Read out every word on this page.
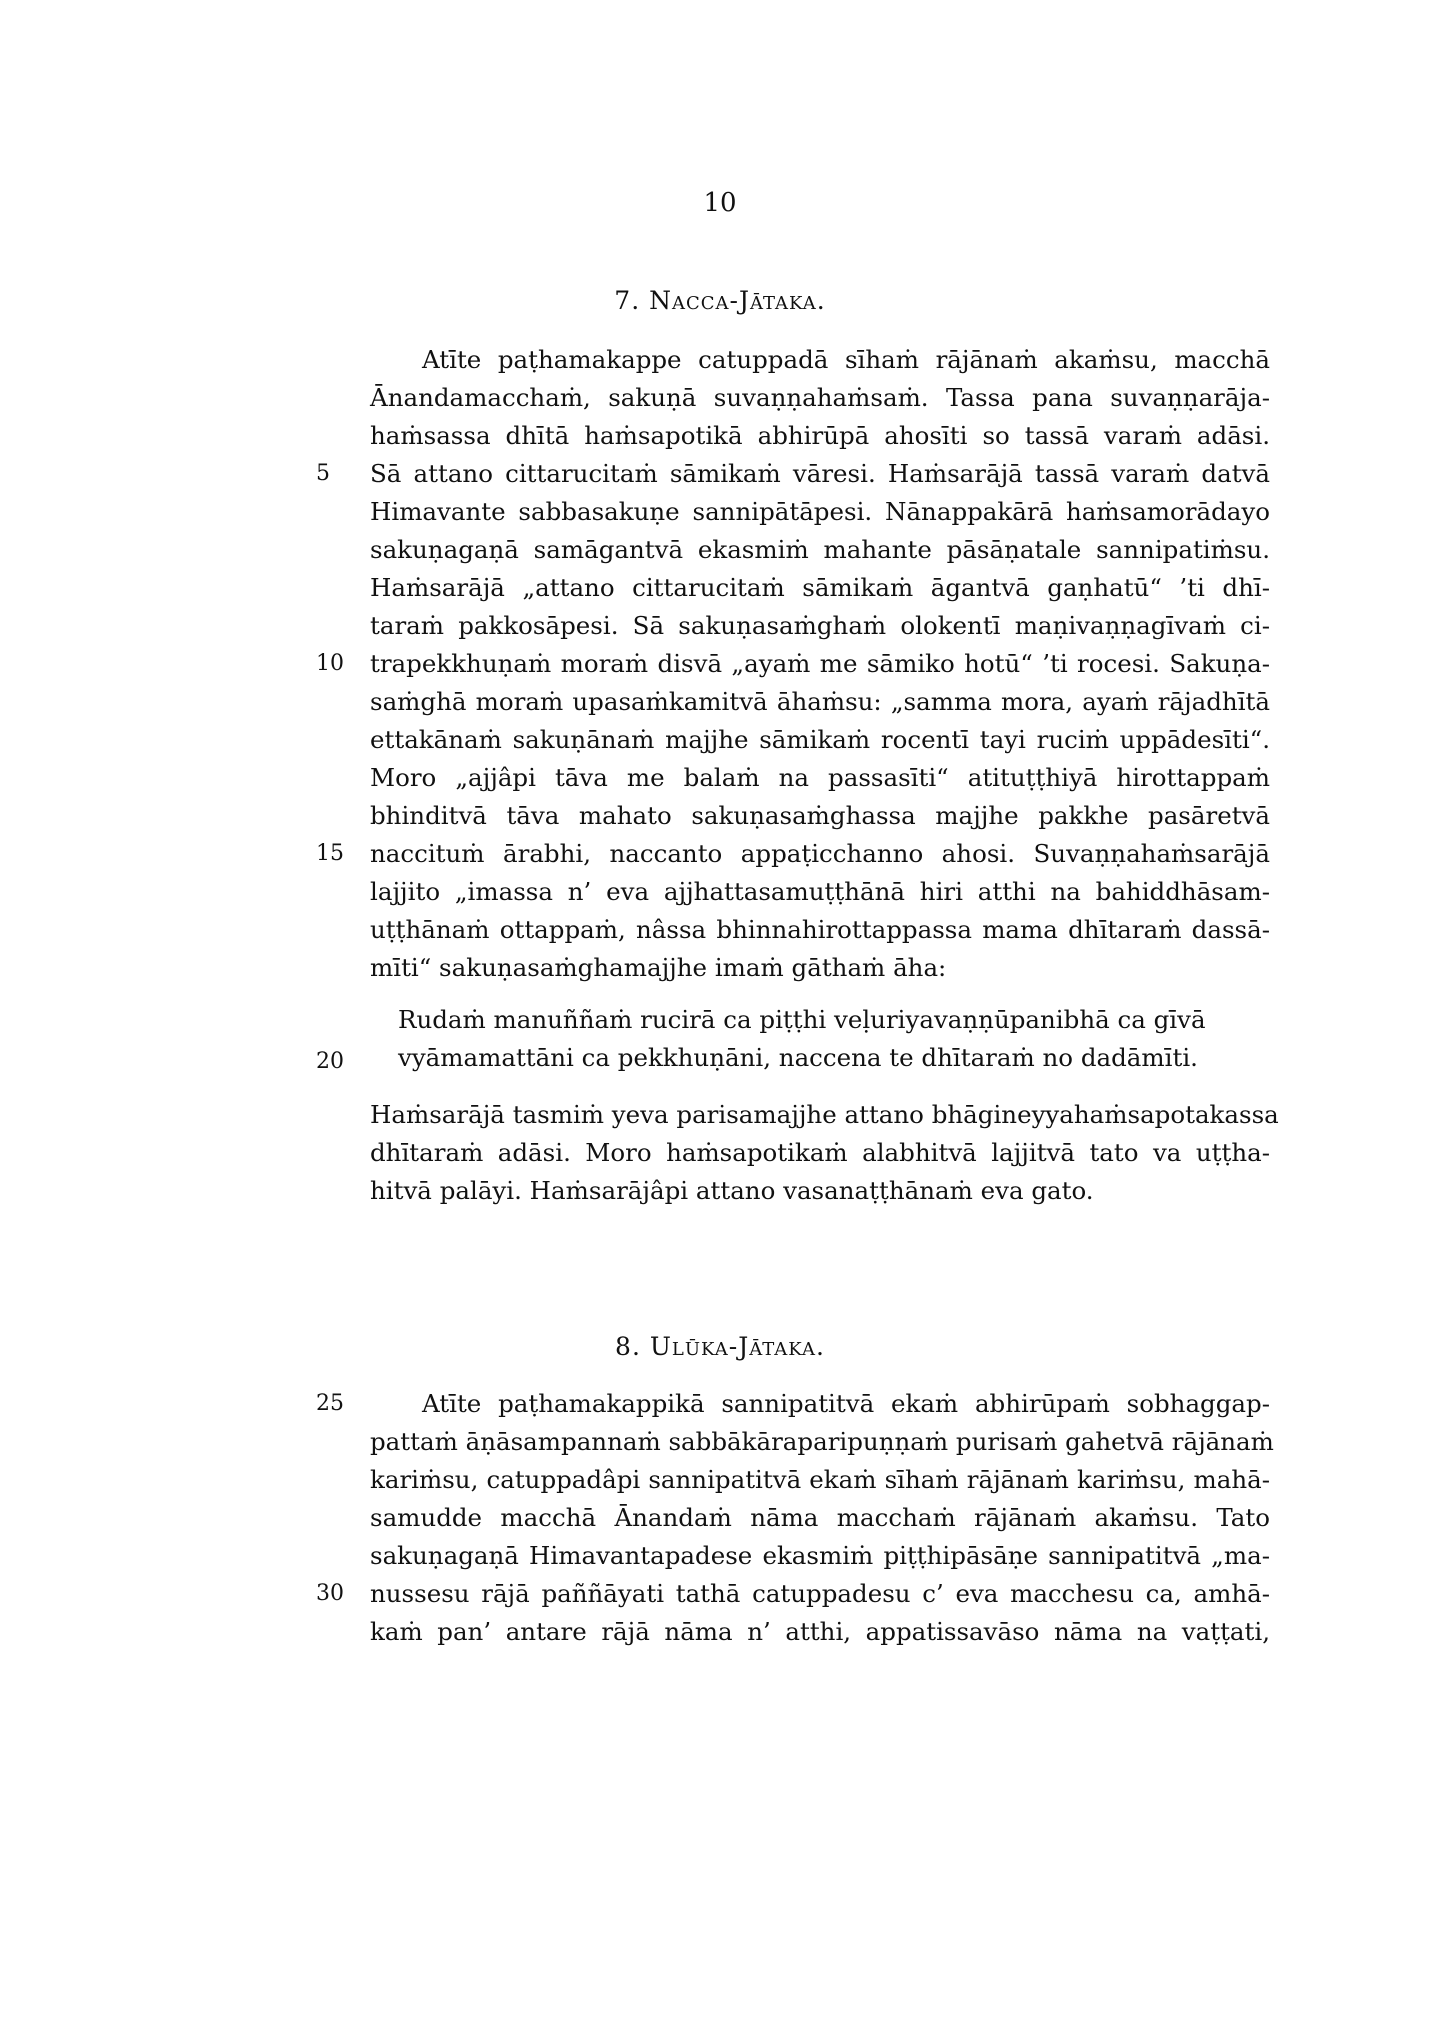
10
7. Nacca-Jātaka.
Atīte paṭhamakappe catuppadā sīhaṁ rājānaṁ akaṁsu, macchā
Ānandamacchaṁ, sakuṇā suvaṇṇahaṁsaṁ. Tassa pana suvaṇṇarāja-
haṁsassa dhītā haṁsapotikā abhirūpā ahosīti so tassā varaṁ adāsi.
Sā attano cittarucitaṁ sāmikaṁ vāresi. Haṁsarājā tassā varaṁ datvā
Himavante sabbasakuṇe sannipātāpesi. Nānappakārā haṁsamorādayo
sakuṇagaṇā samāgantvā ekasmiṁ mahante pāsāṇatale sannipatiṁsu.
Haṁsarājā „attano cittarucitaṁ sāmikaṁ āgantvā gaṇhatū“ ’ti dhī-
taraṁ pakkosāpesi. Sā sakuṇasaṁghaṁ olokentī maṇivaṇṇagīvaṁ ci-
trapekkhuṇaṁ moraṁ disvā „ayaṁ me sāmiko hotū“ ’ti rocesi. Sakuṇa-
saṁghā moraṁ upasaṁkamitvā āhaṁsu: „samma mora, ayaṁ rājadhītā
ettakānaṁ sakuṇānaṁ majjhe sāmikaṁ rocentī tayi ruciṁ uppādesīti“.
Moro „ajjâpi tāva me balaṁ na passasīti“ atituṭṭhiyā hirottappaṁ
bhinditvā tāva mahato sakuṇasaṁghassa majjhe pakkhe pasāretvā
naccituṁ ārabhi, naccanto appaṭicchanno ahosi. Suvaṇṇahaṁsarājā
lajjito „imassa n’ eva ajjhattasamuṭṭhānā hiri atthi na bahiddhāsam-
uṭṭhānaṁ ottappaṁ, nâssa bhinnahirottappassa mama dhītaraṁ dassā-
mīti“ sakuṇasaṁghamajjhe imaṁ gāthaṁ āha:
Rudaṁ manuññaṁ rucirā ca piṭṭhi veḷuriyavaṇṇūpanibhā ca gīvā
vyāmamattāni ca pekkhuṇāni, naccena te dhītaraṁ no dadāmīti.
Haṁsarājā tasmiṁ yeva parisamajjhe attano bhāgineyyahaṁsapotakassa
dhītaraṁ adāsi. Moro haṁsapotikaṁ alabhitvā lajjitvā tato va uṭṭha-
hitvā palāyi. Haṁsarājâpi attano vasanaṭṭhānaṁ eva gato.
8. Ulūka-Jātaka.
Atīte paṭhamakappikā sannipatitvā ekaṁ abhirūpaṁ sobhaggap-
pattaṁ āṇāsampannaṁ sabbākāraparipuṇṇaṁ purisaṁ gahetvā rājānaṁ
kariṁsu, catuppadâpi sannipatitvā ekaṁ sīhaṁ rājānaṁ kariṁsu, mahā-
samudde macchā Ānandaṁ nāma macchaṁ rājānaṁ akaṁsu. Tato
sakuṇagaṇā Himavantapadese ekasmiṁ piṭṭhipāsāṇe sannipatitvā „ma-
nussesu rājā paññāyati tathā catuppadesu c’ eva macchesu ca, amhā-
kaṁ pan’ antare rājā nāma n’ atthi, appatissavāso nāma na vaṭṭati,
5
10
15
20
25
30
